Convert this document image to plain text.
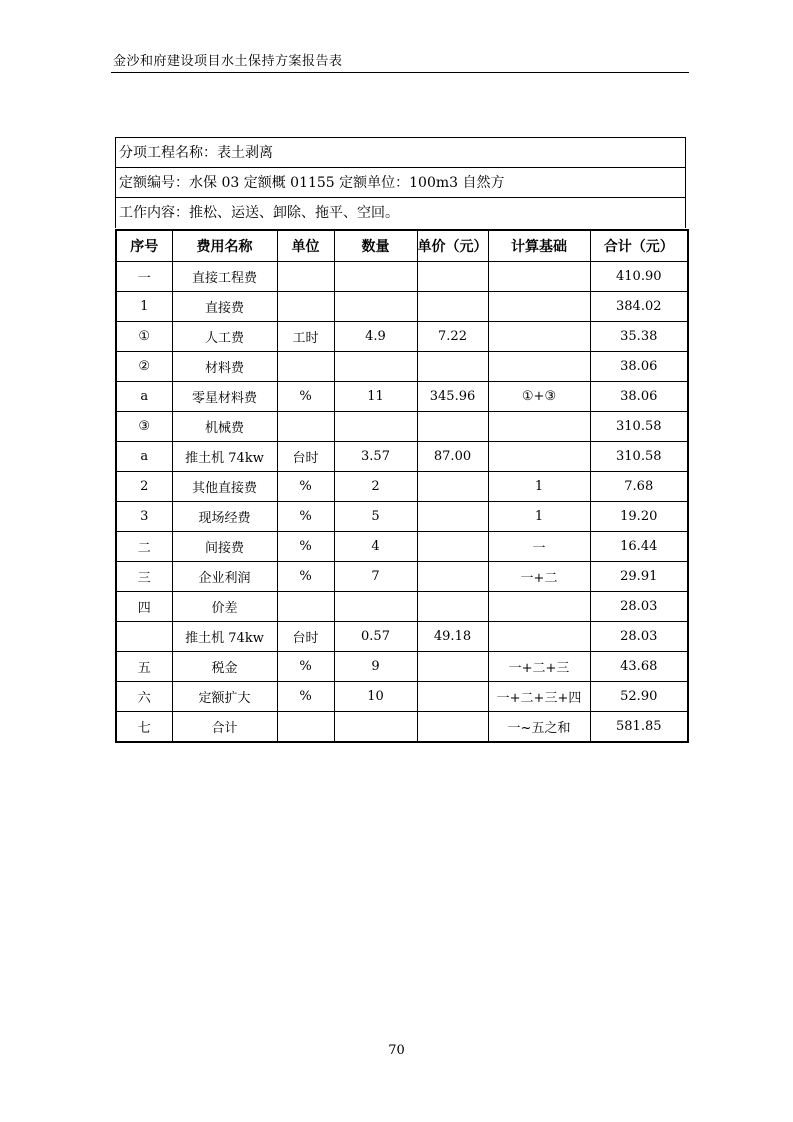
金沙和府建设项目水土保持方案报告表
分项工程名称：表土剥离
定额编号：水保 03 定额概 01155 定额单位：100m3 自然方
工作内容：推松、运送、卸除、拖平、空回。
序号	费用名称	单位	数量	单价（元）	计算基础	合计（元）
一	直接工程费					410.90
1	直接费					384.02
①	人工费	工时	4.9	7.22		35.38
②	材料费					38.06
a	零星材料费	%	11	345.96	①+③	38.06
③	机械费					310.58
a	推土机 74kw	台时	3.57	87.00		310.58
2	其他直接费	%	2		1	7.68
3	现场经费	%	5		1	19.20
二	间接费	%	4		一	16.44
三	企业利润	%	7		一+二	29.91
四	价差					28.03
	推土机 74kw	台时	0.57	49.18		28.03
五	税金	%	9		一+二+三	43.68
六	定额扩大	%	10		一+二+三+四	52.90
七	合计				一~五之和	581.85
70
